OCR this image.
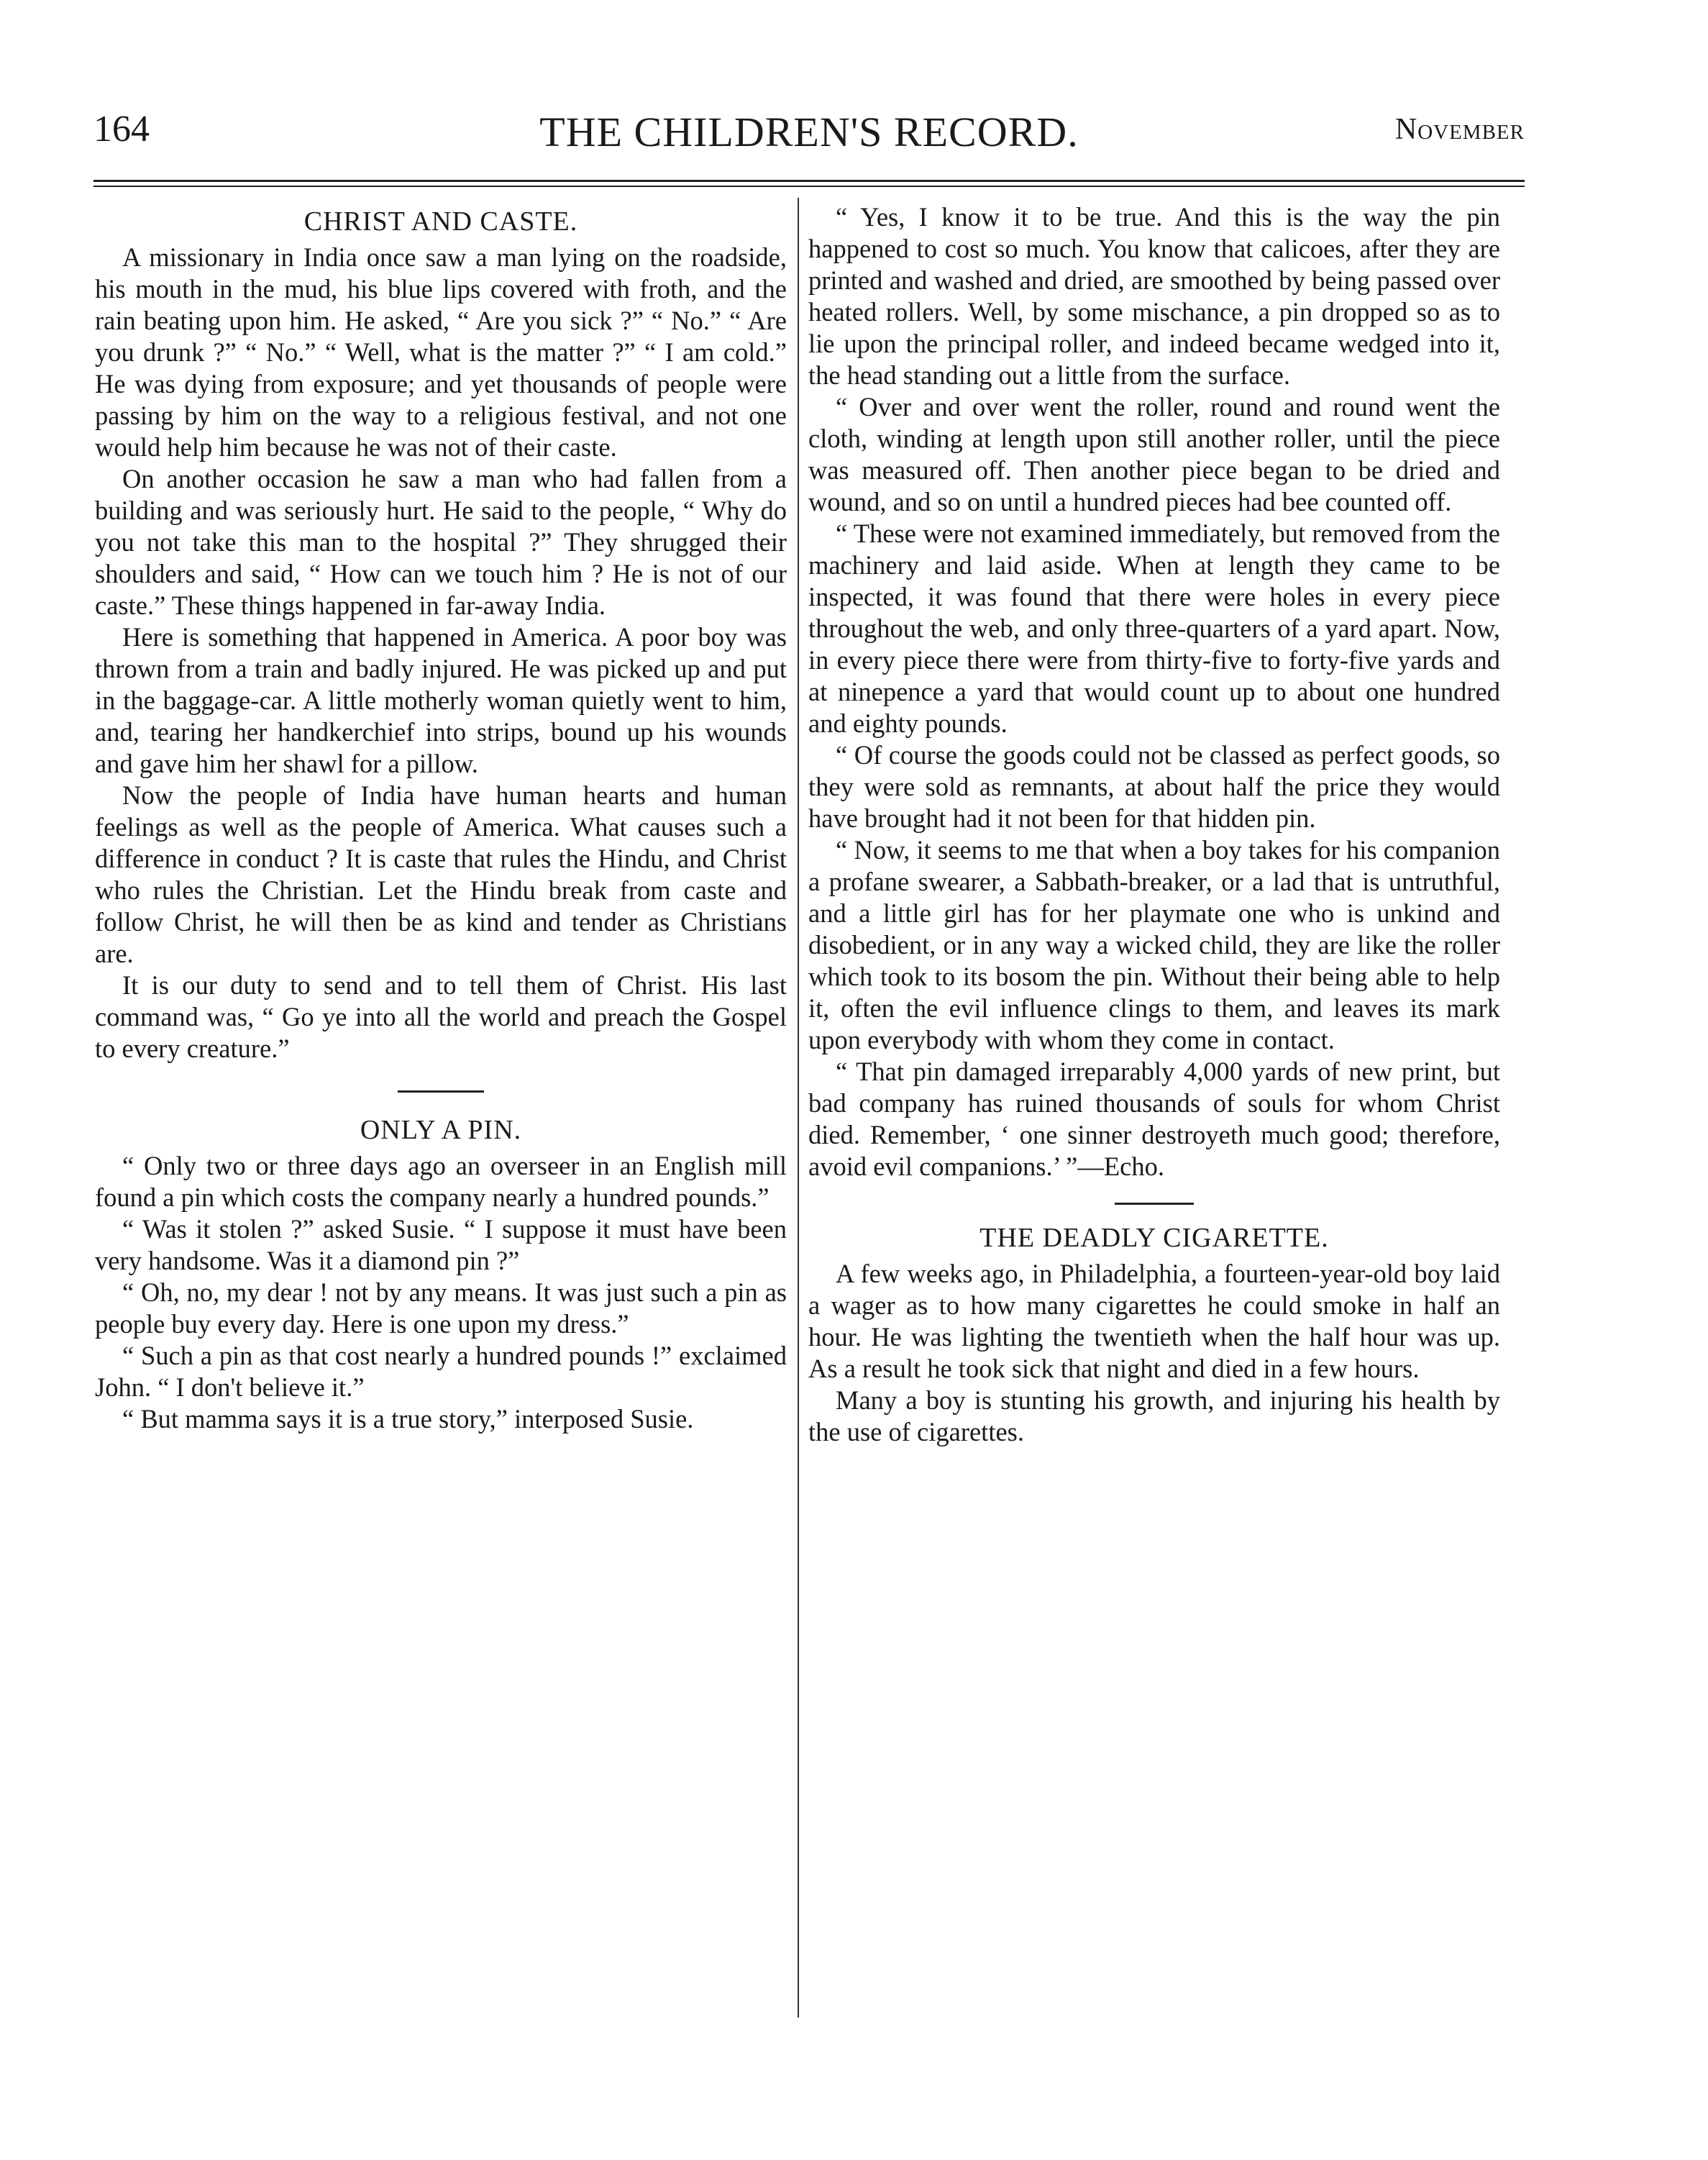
164	THE CHILDREN'S RECORD.	November
CHRIST AND CASTE.

A missionary in India once saw a man lying on the roadside, his mouth in the mud, his blue lips covered with froth, and the rain beating upon him. He asked, “ Are you sick ?” “ No.” “ Are you drunk ?” “ No.” “ Well, what is the matter ?” “ I am cold.” He was dying from exposure; and yet thousands of people were passing by him on the way to a religious festival, and not one would help him because he was not of their caste.

On another occasion he saw a man who had fallen from a building and was seriously hurt. He said to the people, “ Why do you not take this man to the hospital ?” They shrugged their shoulders and said, “ How can we touch him ? He is not of our caste.” These things happened in far-away India.

Here is something that happened in America. A poor boy was thrown from a train and badly injured. He was picked up and put in the baggage-car. A little motherly woman quietly went to him, and, tearing her handkerchief into strips, bound up his wounds and gave him her shawl for a pillow.

Now the people of India have human hearts and human feelings as well as the people of America. What causes such a difference in conduct ? It is caste that rules the Hindu, and Christ who rules the Christian. Let the Hindu break from caste and follow Christ, he will then be as kind and tender as Christians are.

It is our duty to send and to tell them of Christ. His last command was, “ Go ye into all the world and preach the Gospel to every creature.”

ONLY A PIN.

“ Only two or three days ago an overseer in an English mill found a pin which costs the company nearly a hundred pounds.”

“ Was it stolen ?” asked Susie. “ I suppose it must have been very handsome. Was it a diamond pin ?”

“ Oh, no, my dear ! not by any means. It was just such a pin as people buy every day. Here is one upon my dress.”

“ Such a pin as that cost nearly a hundred pounds !” exclaimed John. “ I don't believe it.”

“ But mamma says it is a true story,” interposed Susie.

“ Yes, I know it to be true. And this is the way the pin happened to cost so much. You know that calicoes, after they are printed and washed and dried, are smoothed by being passed over heated rollers. Well, by some mischance, a pin dropped so as to lie upon the principal roller, and indeed became wedged into it, the head standing out a little from the surface.

“ Over and over went the roller, round and round went the cloth, winding at length upon still another roller, until the piece was measured off. Then another piece began to be dried and wound, and so on until a hundred pieces had bee counted off.

“ These were not examined immediately, but removed from the machinery and laid aside. When at length they came to be inspected, it was found that there were holes in every piece throughout the web, and only three-quarters of a yard apart. Now, in every piece there were from thirty-five to forty-five yards and at ninepence a yard that would count up to about one hundred and eighty pounds.

“ Of course the goods could not be classed as perfect goods, so they were sold as remnants, at about half the price they would have brought had it not been for that hidden pin.

“ Now, it seems to me that when a boy takes for his companion a profane swearer, a Sabbath-breaker, or a lad that is untruthful, and a little girl has for her playmate one who is unkind and disobedient, or in any way a wicked child, they are like the roller which took to its bosom the pin. Without their being able to help it, often the evil influence clings to them, and leaves its mark upon everybody with whom they come in contact.

“ That pin damaged irreparably 4,000 yards of new print, but bad company has ruined thousands of souls for whom Christ died. Remember, ‘ one sinner destroyeth much good; therefore, avoid evil companions.’ ”—Echo.

THE DEADLY CIGARETTE.

A few weeks ago, in Philadelphia, a fourteen-year-old boy laid a wager as to how many cigarettes he could smoke in half an hour. He was lighting the twentieth when the half hour was up. As a result he took sick that night and died in a few hours.

Many a boy is stunting his growth, and injuring his health by the use of cigarettes.
